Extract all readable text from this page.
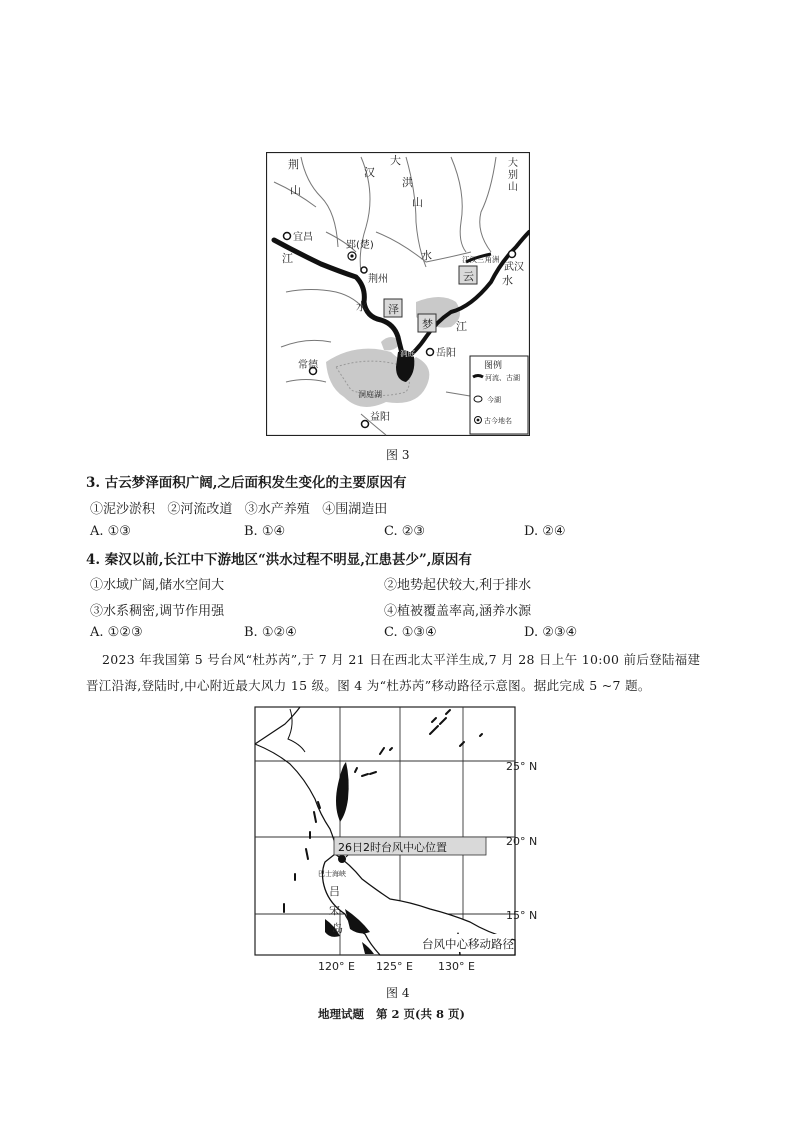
荆
山
汉
大
洪
山
大
别
山
宜昌
江
郢(楚)
荆州
水	江汉三角洲
云
武汉
水
水 泽
梦 江
洞庭 岳阳
常德
洞庭湖
益阳
图例
河流、古湖
今湖
古今地名
图 3
3. 古云梦泽面积广阔,之后面积发生变化的主要原因有
①泥沙淤积   ②河流改道   ③水产养殖   ④围湖造田
A. ①③	B. ①④	C. ②③	D. ②④
4. 秦汉以前,长江中下游地区“洪水过程不明显,江患甚少”,原因有
①水域广阔,储水空间大	②地势起伏较大,利于排水
③水系稠密,调节作用强	④植被覆盖率高,涵养水源
A. ①②③	B. ①②④	C. ①③④	D. ②③④
2023 年我国第 5 号台风“杜苏芮”,于 7 月 21 日在西北太平洋生成,7 月 28 日上午 10:00 前后登陆福建
晋江沿海,登陆时,中心附近最大风力 15 级。图 4 为“杜苏芮”移动路径示意图。据此完成 5 ~7 题。
26日2时台风中心位置
台风中心移动路径
巴士海峡
吕
宋
岛
25° N
20° N
15° N
120° E 125° E 130° E
图 4
地理试题   第 2 页(共 8 页)
